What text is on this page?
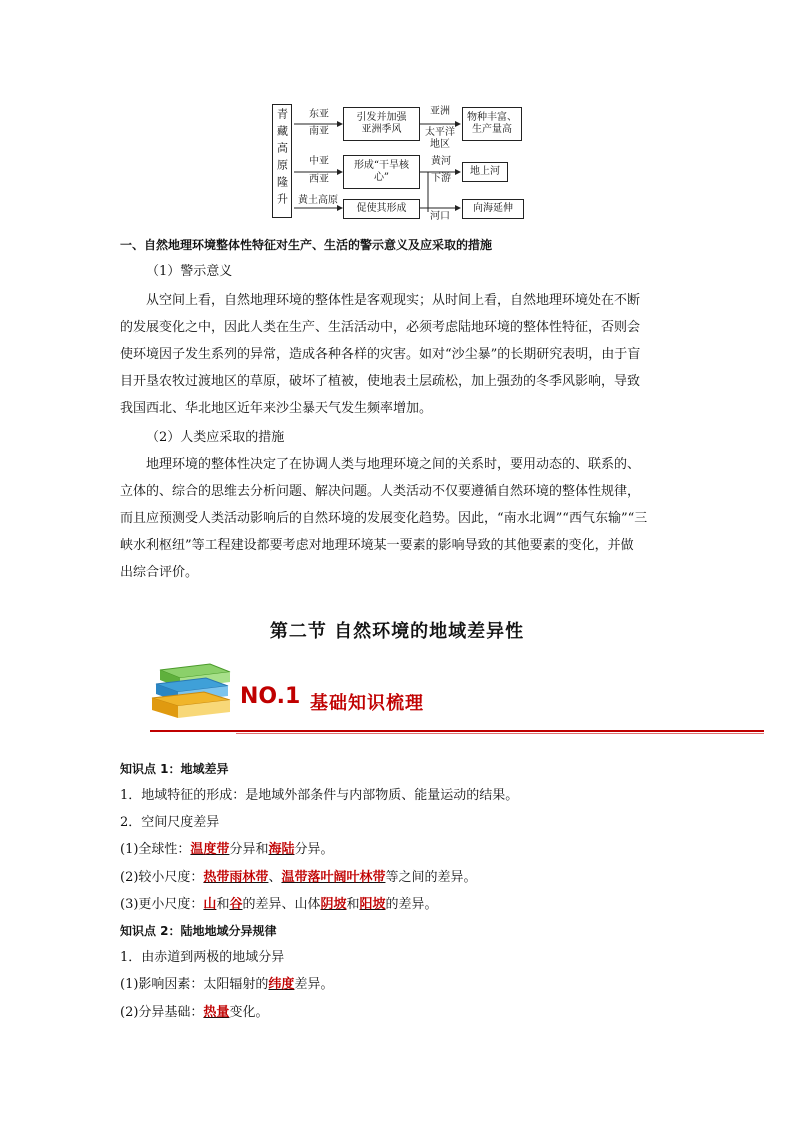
青藏高原隆升	东亚
南亚
引发并加强亚洲季风
亚洲
太平洋
地区
物种丰富、生产量高
中亚
西亚
形成“干旱核心”
黄河
下游
地上河
黄土高原
促使其形成
河口
向海延伸
一、自然地理环境整体性特征对生产、生活的警示意义及应采取的措施
（1）警示意义
从空间上看，自然地理环境的整体性是客观现实；从时间上看，自然地理环境处在不断
的发展变化之中，因此人类在生产、生活活动中，必须考虑陆地环境的整体性特征，否则会
使环境因子发生系列的异常，造成各种各样的灾害。如对“沙尘暴”的长期研究表明，由于盲
目开垦农牧过渡地区的草原，破坏了植被，使地表土层疏松，加上强劲的冬季风影响，导致
我国西北、华北地区近年来沙尘暴天气发生频率增加。
（2）人类应采取的措施
地理环境的整体性决定了在协调人类与地理环境之间的关系时，要用动态的、联系的、
立体的、综合的思维去分析问题、解决问题。人类活动不仅要遵循自然环境的整体性规律，
而且应预测受人类活动影响后的自然环境的发展变化趋势。因此，“南水北调”“西气东输”“三
峡水利枢纽”等工程建设都要考虑对地理环境某一要素的影响导致的其他要素的变化，并做
出综合评价。
第二节 自然环境的地域差异性
NO.1 基础知识梳理
知识点 1：地域差异
1．地域特征的形成：是地域外部条件与内部物质、能量运动的结果。
2．空间尺度差异
(1)全球性：温度带分异和海陆分异。
(2)较小尺度：热带雨林带、温带落叶阔叶林带等之间的差异。
(3)更小尺度：山和谷的差异、山体阴坡和阳坡的差异。
知识点 2：陆地地域分异规律
1．由赤道到两极的地域分异
(1)影响因素：太阳辐射的纬度差异。
(2)分异基础：热量变化。
